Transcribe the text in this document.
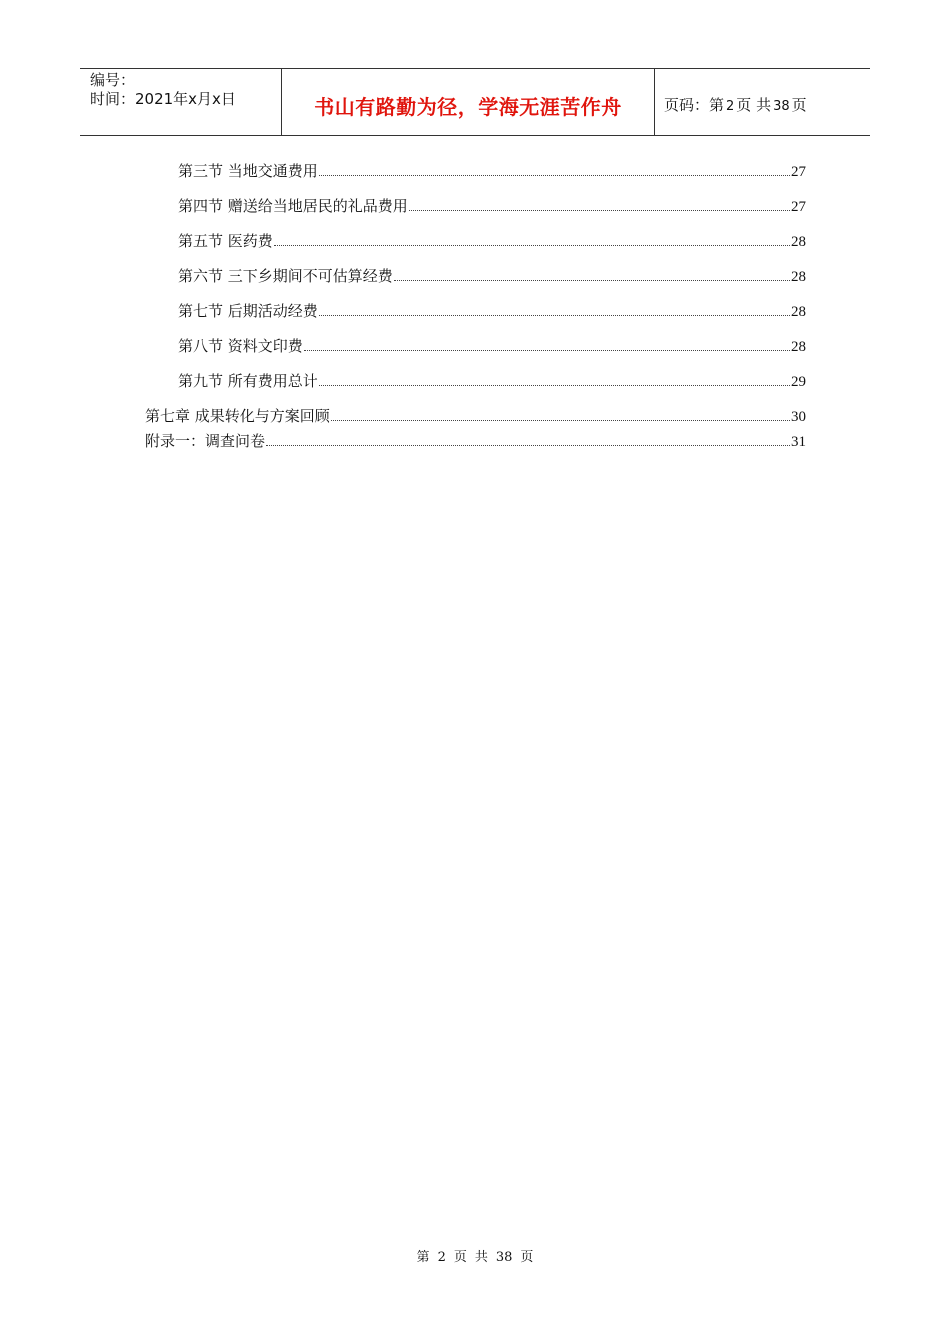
编号：
时间：2021年x月x日	书山有路勤为径，学海无涯苦作舟	页码：第 2 页 共 38 页
第三节 当地交通费用	27
第四节 赠送给当地居民的礼品费用	27
第五节 医药费	28
第六节 三下乡期间不可估算经费	28
第七节 后期活动经费	28
第八节 资料文印费	28
第九节 所有费用总计	29
第七章 成果转化与方案回顾	30
附录一：调查问卷	31
第 2 页 共 38 页
